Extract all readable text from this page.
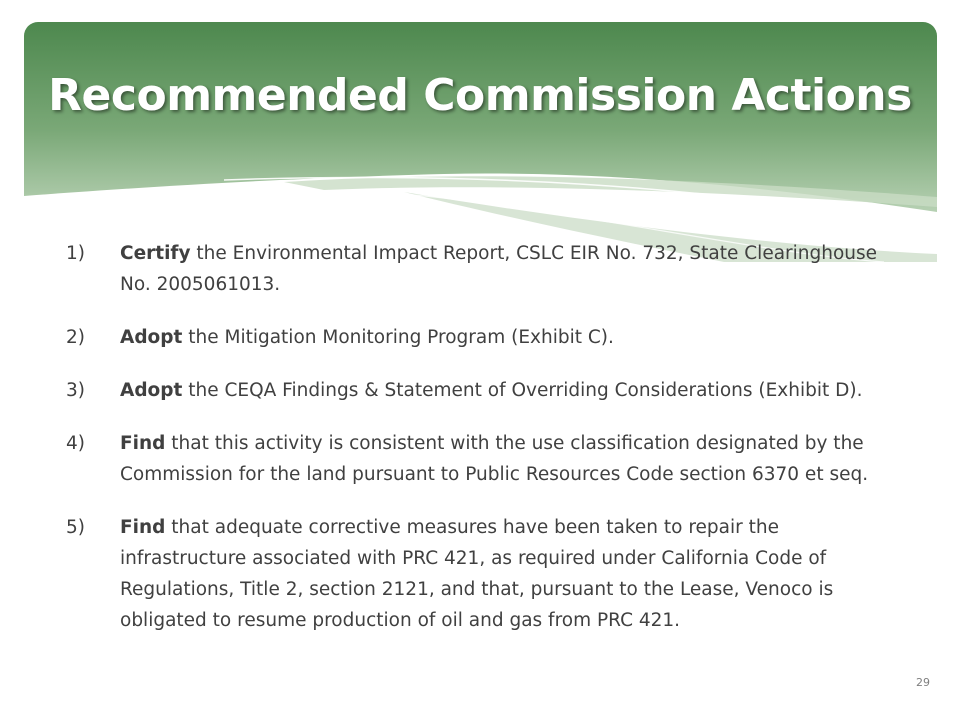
Recommended Commission Actions
1)	Certify the Environmental Impact Report, CSLC EIR No. 732, State Clearinghouse No. 2005061013.
2)	Adopt the Mitigation Monitoring Program (Exhibit C).
3)	Adopt the CEQA Findings & Statement of Overriding Considerations (Exhibit D).
4)	Find that this activity is consistent with the use classification designated by the Commission for the land pursuant to Public Resources Code section 6370 et seq.
5)	Find that adequate corrective measures have been taken to repair the infrastructure associated with PRC 421, as required under California Code of Regulations, Title 2, section 2121, and that, pursuant to the Lease, Venoco is obligated to resume production of oil and gas from PRC 421.
29
